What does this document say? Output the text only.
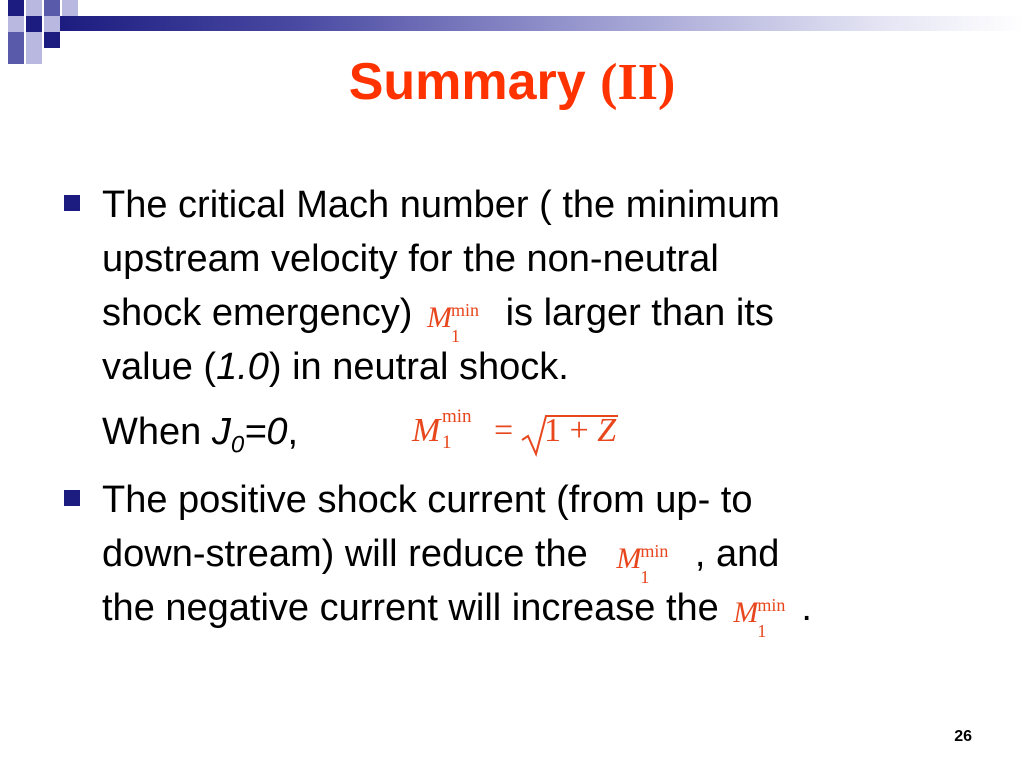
Summary (II)
The critical Mach number ( the minimum
upstream velocity for the non-neutral
shock emergency) M min
1
is larger than its
value (1.0) in neutral shock.
When $J_0=0$,	M min
1 = 1 + Z
The positive shock current (from up- to
down-stream) will reduce the M min
1
, and
the negative current will increase the M min
1
.
26
